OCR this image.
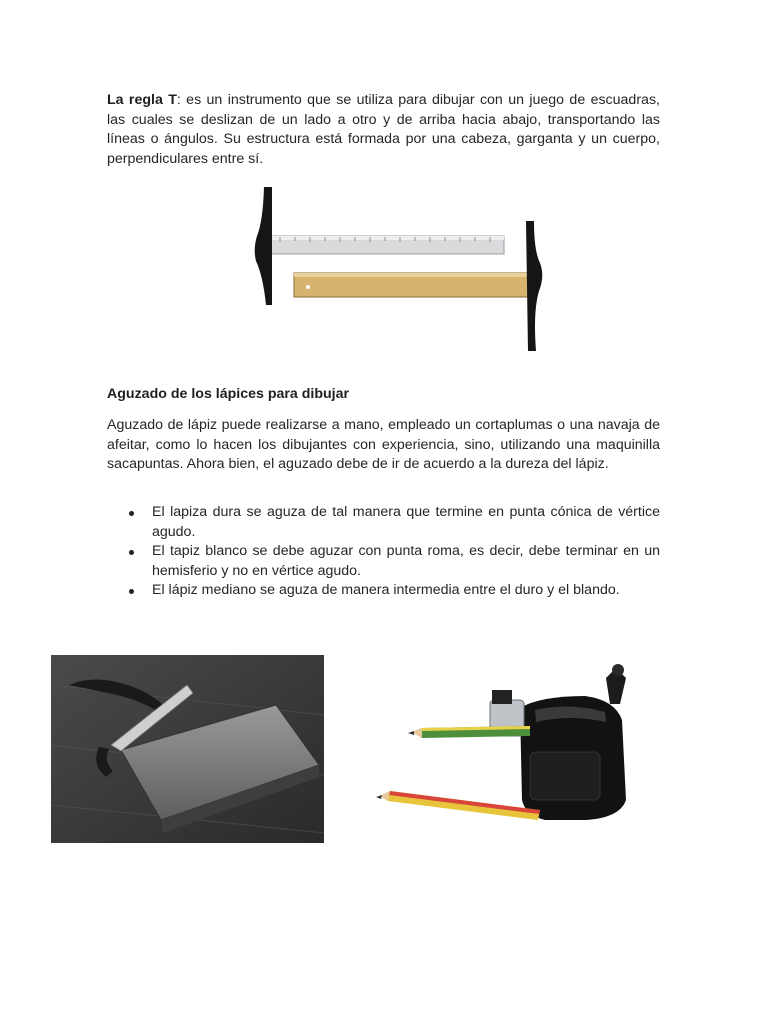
La regla T: es un instrumento que se utiliza para dibujar con un juego de escuadras, las cuales se deslizan de un lado a otro y de arriba hacia abajo, transportando las líneas o ángulos. Su estructura está formada por una cabeza, garganta y un cuerpo, perpendiculares entre sí.

Aguzado de los lápices para dibujar

Aguzado de lápiz puede realizarse a mano, empleado un cortaplumas o una navaja de afeitar, como lo hacen los dibujantes con experiencia, sino, utilizando una maquinilla sacapuntas. Ahora bien, el aguzado debe de ir de acuerdo a la dureza del lápiz.

El lapiza dura se aguza de tal manera que termine en punta cónica de vértice agudo.
El tapiz blanco se debe aguzar con punta roma, es decir, debe terminar en un hemisferio y no en vértice agudo.
El lápiz mediano se aguza de manera intermedia entre el duro y el blando.
